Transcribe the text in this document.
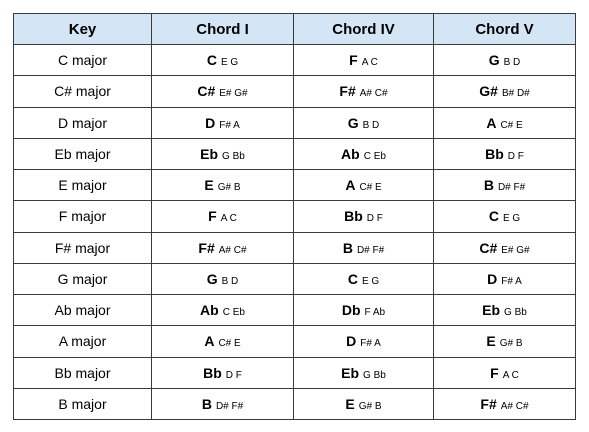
Key	Chord I	Chord IV	Chord V
C major	C E G	F A C	G B D
C# major	C# E# G#	F# A# C#	G# B# D#
D major	D F# A	G B D	A C# E
Eb major	Eb G Bb	Ab C Eb	Bb D F
E major	E G# B	A C# E	B D# F#
F major	F A C	Bb D F	C E G
F# major	F# A# C#	B D# F#	C# E# G#
G major	G B D	C E G	D F# A
Ab major	Ab C Eb	Db F Ab	Eb G Bb
A major	A C# E	D F# A	E G# B
Bb major	Bb D F	Eb G Bb	F A C
B major	B D# F#	E G# B	F# A# C#
